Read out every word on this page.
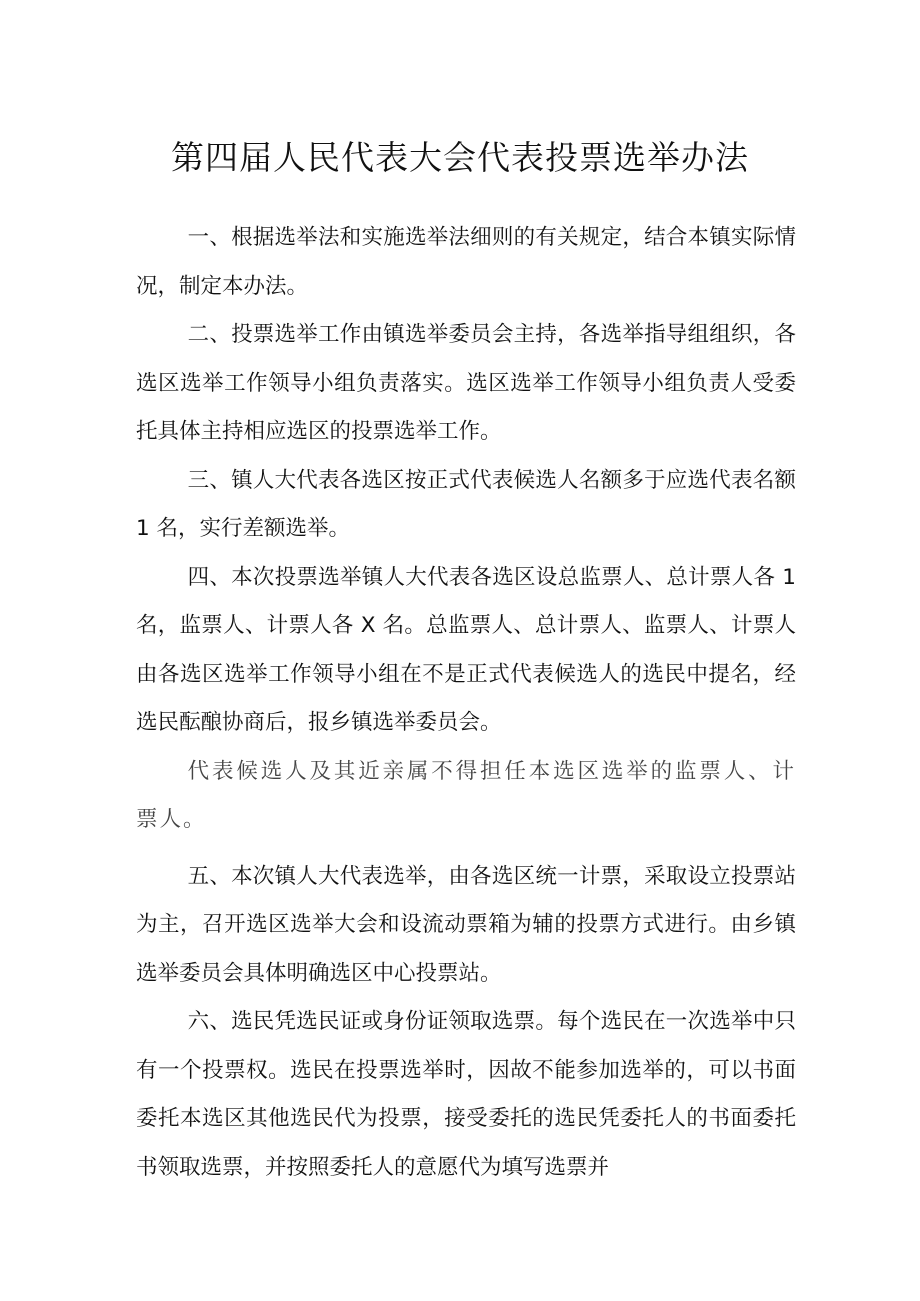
第四届人民代表大会代表投票选举办法

一、根据选举法和实施选举法细则的有关规定，结合本镇实际情况，制定本办法。

二、投票选举工作由镇选举委员会主持，各选举指导组组织，各选区选举工作领导小组负责落实。选区选举工作领导小组负责人受委托具体主持相应选区的投票选举工作。

三、镇人大代表各选区按正式代表候选人名额多于应选代表名额 1 名，实行差额选举。

四、本次投票选举镇人大代表各选区设总监票人、总计票人各 1 名，监票人、计票人各 X 名。总监票人、总计票人、监票人、计票人由各选区选举工作领导小组在不是正式代表候选人的选民中提名，经选民酝酿协商后，报乡镇选举委员会。

代表候选人及其近亲属不得担任本选区选举的监票人、计票人。

五、本次镇人大代表选举，由各选区统一计票，采取设立投票站为主，召开选区选举大会和设流动票箱为辅的投票方式进行。由乡镇选举委员会具体明确选区中心投票站。

六、选民凭选民证或身份证领取选票。每个选民在一次选举中只有一个投票权。选民在投票选举时，因故不能参加选举的，可以书面委托本选区其他选民代为投票，接受委托的选民凭委托人的书面委托书领取选票，并按照委托人的意愿代为填写选票并
